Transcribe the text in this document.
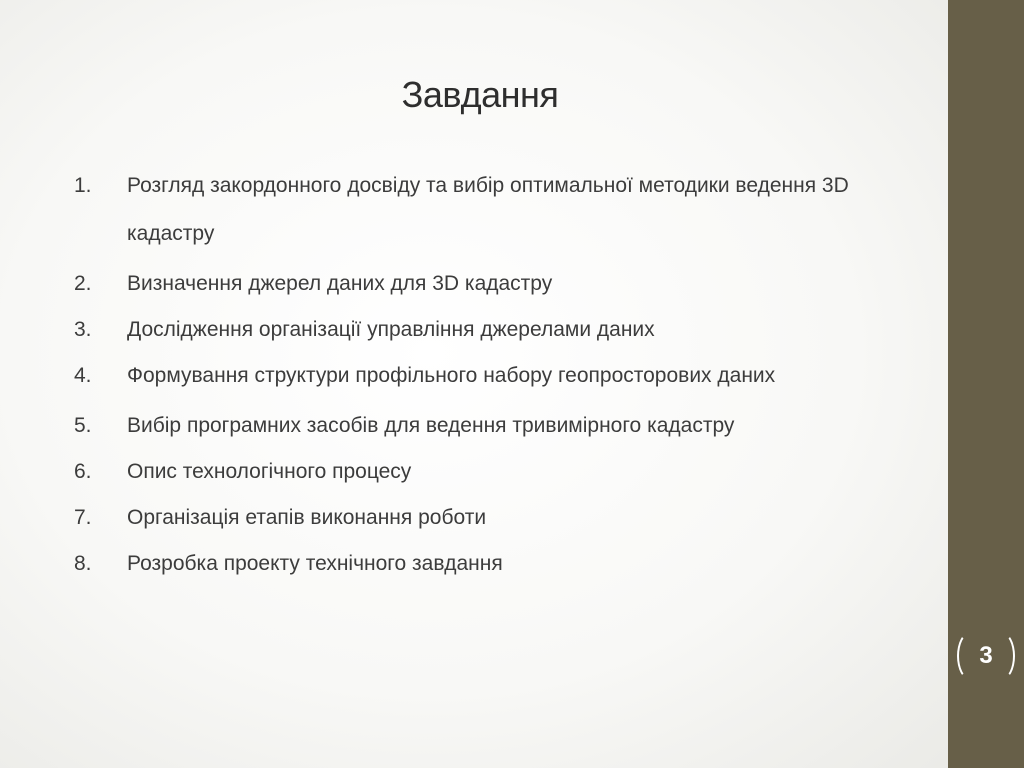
Завдання
1.	Розгляд закордонного досвіду та вибір оптимальної методики ведення 3D кадастру
2.	Визначення джерел даних для 3D кадастру
3.	Дослідження організації управління джерелами даних
4.	Формування структури профільного набору геопросторових даних
5.	Вибір програмних засобів для ведення тривимірного кадастру
6.	Опис технологічного процесу
7.	Організація етапів виконання роботи
8.	Розробка проекту технічного завдання
3
